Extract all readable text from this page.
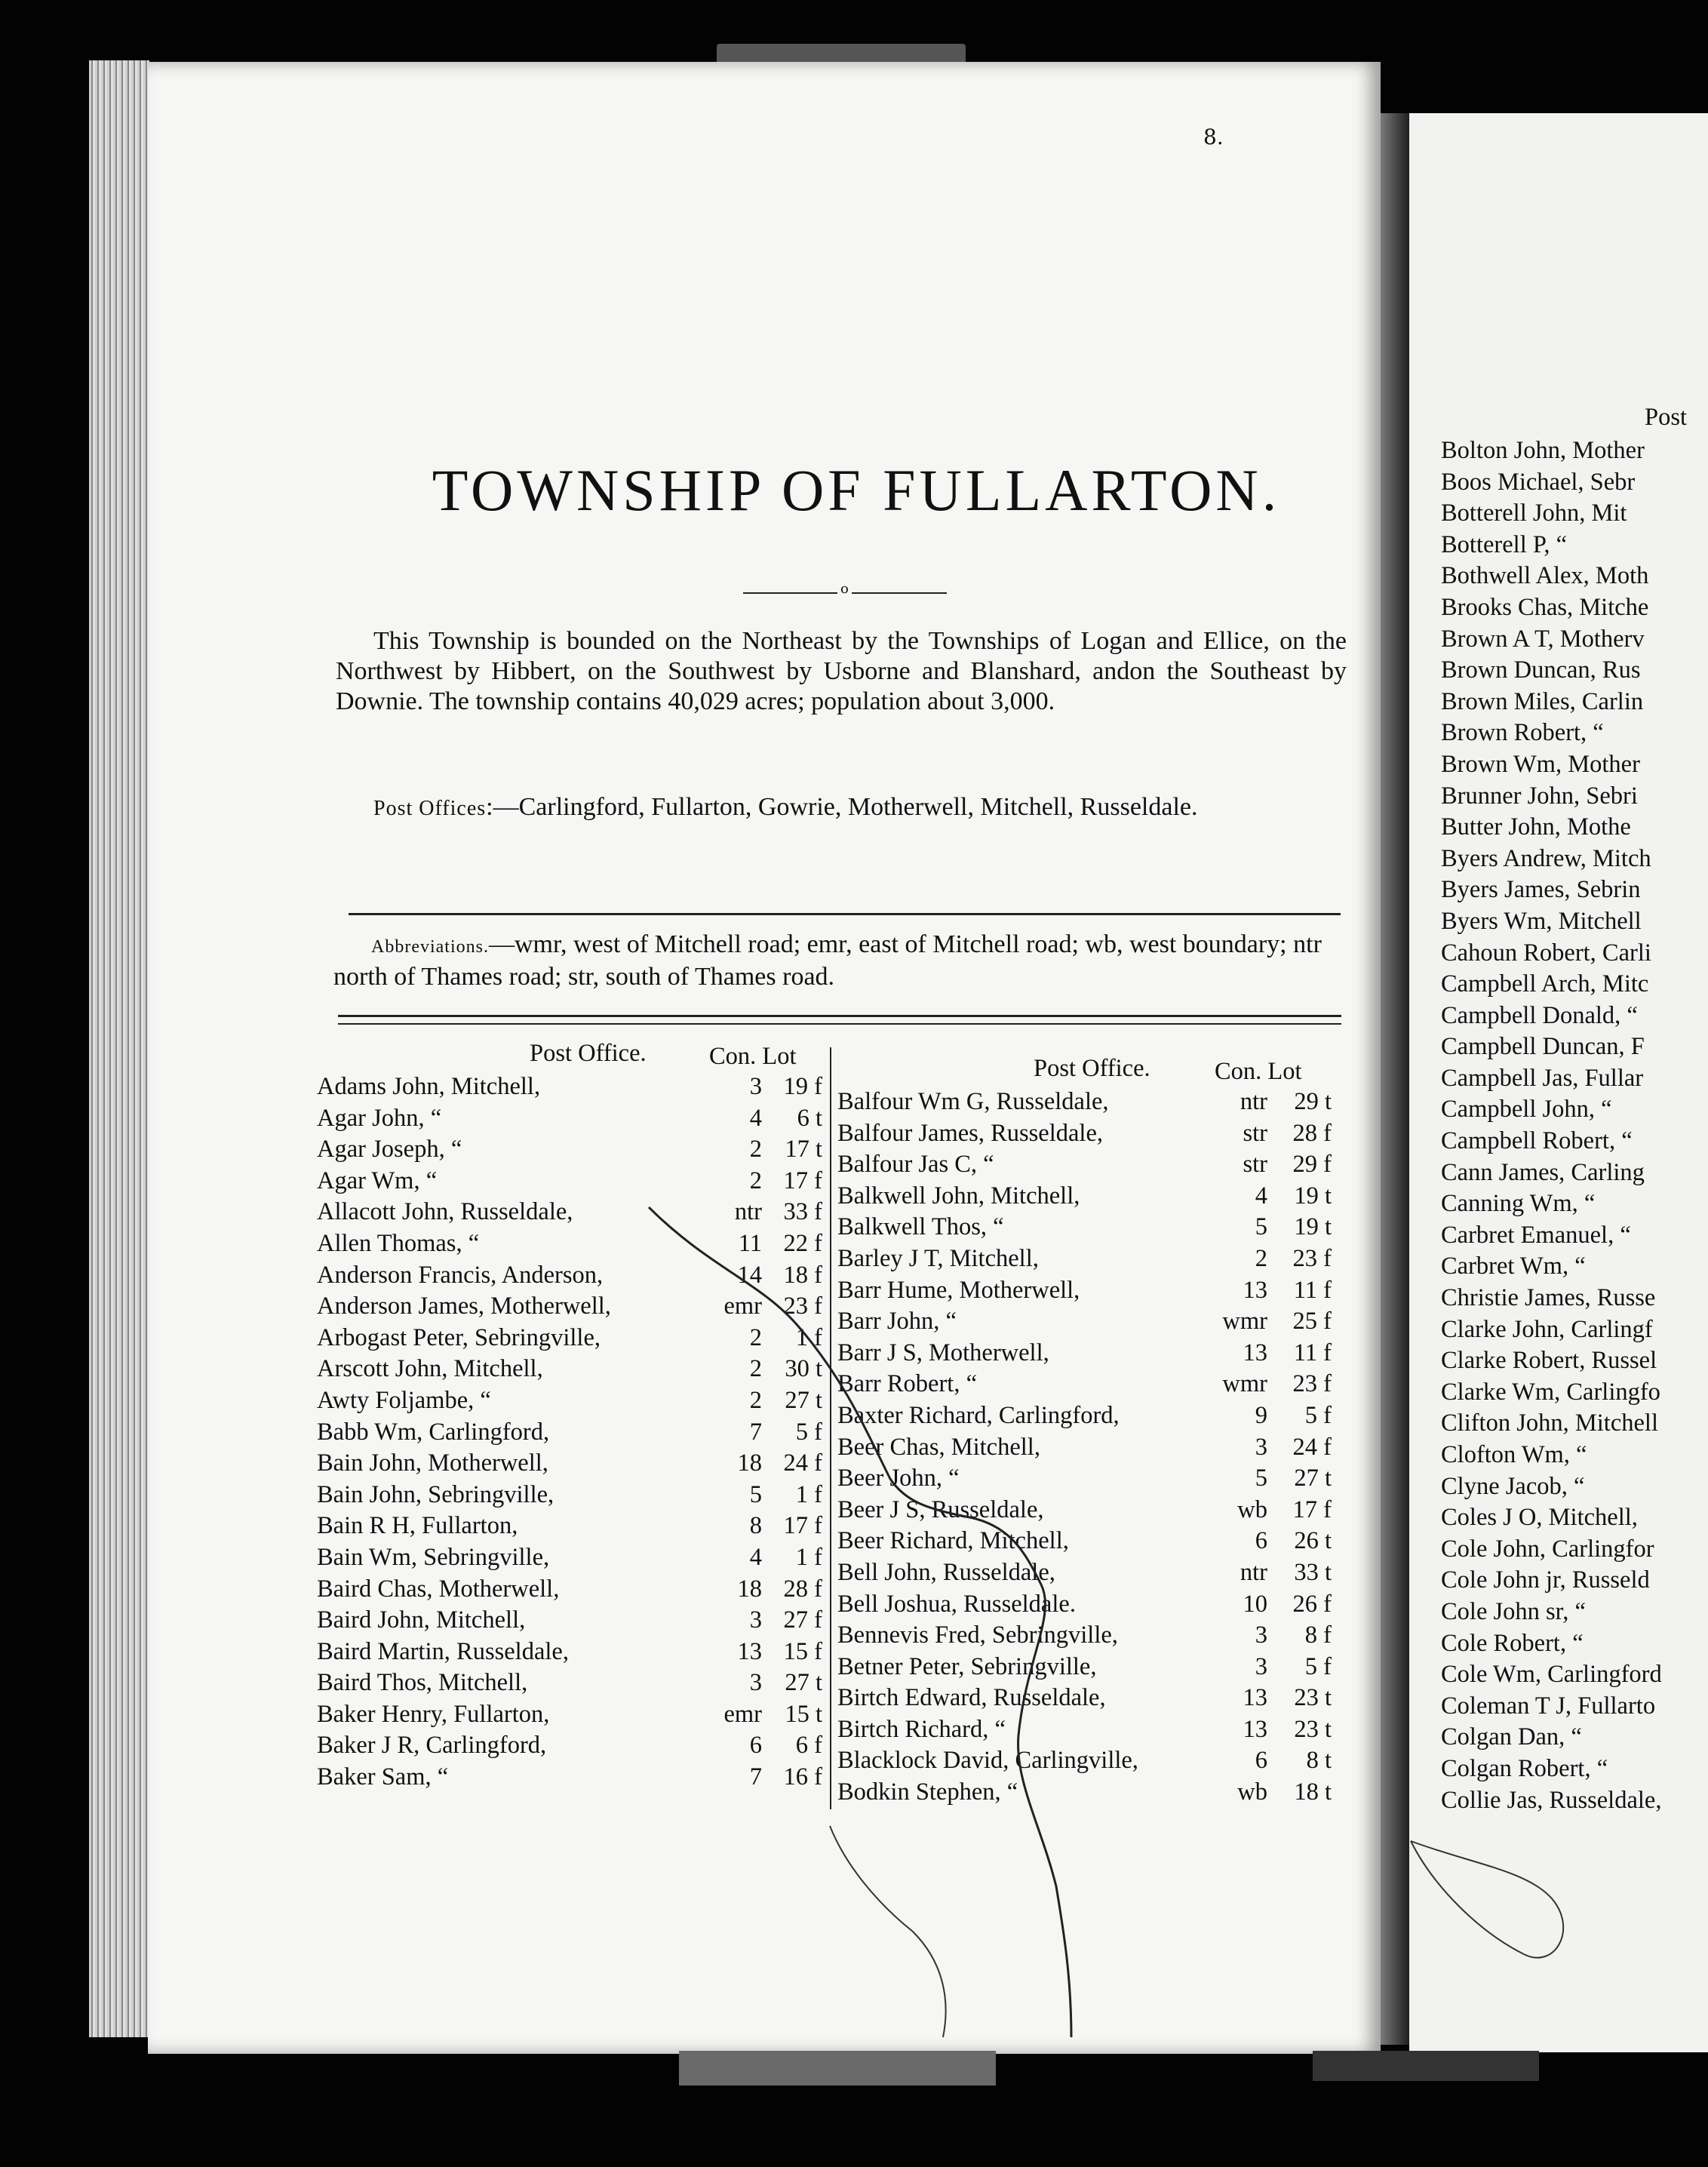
8.
TOWNSHIP OF FULLARTON.
o

This Township is bounded on the Northeast by the Townships of Logan and Ellice, on the Northwest by Hibbert, on the Southwest by Usborne and Blanshard, andon the Southeast by Downie. The township contains 40,029 acres; population about 3,000.

Post Offices:—Carlingford, Fullarton, Gowrie, Motherwell, Mitchell, Russeldale.
Abbreviations.—wmr, west of Mitchell road; emr, east of Mitchell road; wb, west boundary; ntr north of Thames road; str, south of Thames road.
Post Office.	Con. Lot
Adams John, Mitchell,	3 19 f
Agar John, “	4	6 t
Agar Joseph, “	2 17 t
Agar Wm, “	2 17 f
Allacott John, Russeldale,	ntr 33 f
Allen Thomas, “	11 22 f
Anderson Francis, Anderson,	14 18 f
Anderson James, Motherwell,	emr 23 f
Arbogast Peter, Sebringville,	2	1 f
Arscott John, Mitchell,	2 30 t
Awty Foljambe, “	2 27 t
Babb Wm, Carlingford,	7	5 f
Bain John, Motherwell,	18 24 f
Bain John, Sebringville,	5	1 f
Bain R H, Fullarton,	8 17 f
Bain Wm, Sebringville,	4	1 f
Baird Chas, Motherwell,	18 28 f
Baird John, Mitchell,	3 27 f
Baird Martin, Russeldale,	13 15 f
Baird Thos, Mitchell,	3 27 t
Baker Henry, Fullarton,	emr 15 t
Baker J R, Carlingford,	6	6 f
Baker Sam, “	7 16 f
Post Office.	Con. Lot
Balfour Wm G, Russeldale,	ntr	29 t
Balfour James, Russeldale,	str	28 f
Balfour Jas C, “	str	29 f
Balkwell John, Mitchell,	4	19 t
Balkwell Thos, “	5	19 t
Barley J T, Mitchell,	2	23 f
Barr Hume, Motherwell,	13	11 f
Barr John, “	wmr	25 f
Barr J S, Motherwell,	13	11 f
Barr Robert, “	wmr	23 f
Baxter Richard, Carlingford,	9	5 f
Beer Chas, Mitchell,	3	24 f
Beer John, “	5	27 t
Beer J S, Russeldale,	wb	17 f
Beer Richard, Mitchell,	6	26 t
Bell John, Russeldale,	ntr	33 t
Bell Joshua, Russeldale.	10	26 f
Bennevis Fred, Sebringville,	3	8 f
Betner Peter, Sebringville,	3	5 f
Birtch Edward, Russeldale,	13	23 t
Birtch Richard, “	13	23 t
Blacklock David, Carlingville,	6	8 t
Bodkin Stephen, “	wb	18 t
Post
Bolton John, Mother
Boos Michael, Sebr
Botterell John, Mit
Botterell P, “
Bothwell Alex, Moth
Brooks Chas, Mitche
Brown A T, Motherv
Brown Duncan, Rus
Brown Miles, Carlin
Brown Robert, “
Brown Wm, Mother
Brunner John, Sebri
Butter John, Mothe
Byers Andrew, Mitch
Byers James, Sebrin
Byers Wm, Mitchell
Cahoun Robert, Carli
Campbell Arch, Mitc
Campbell Donald, “
Campbell Duncan, F
Campbell Jas, Fullar
Campbell John, “
Campbell Robert, “
Cann James, Carling
Canning Wm, “
Carbret Emanuel, “
Carbret Wm, “
Christie James, Russe
Clarke John, Carlingf
Clarke Robert, Russel
Clarke Wm, Carlingfo
Clifton John, Mitchell
Clofton Wm, “
Clyne Jacob, “
Coles J O, Mitchell,
Cole John, Carlingfor
Cole John jr, Russeld
Cole John sr, “
Cole Robert, “
Cole Wm, Carlingford
Coleman T J, Fullarto
Colgan Dan, “
Colgan Robert, “
Collie Jas, Russeldale,
